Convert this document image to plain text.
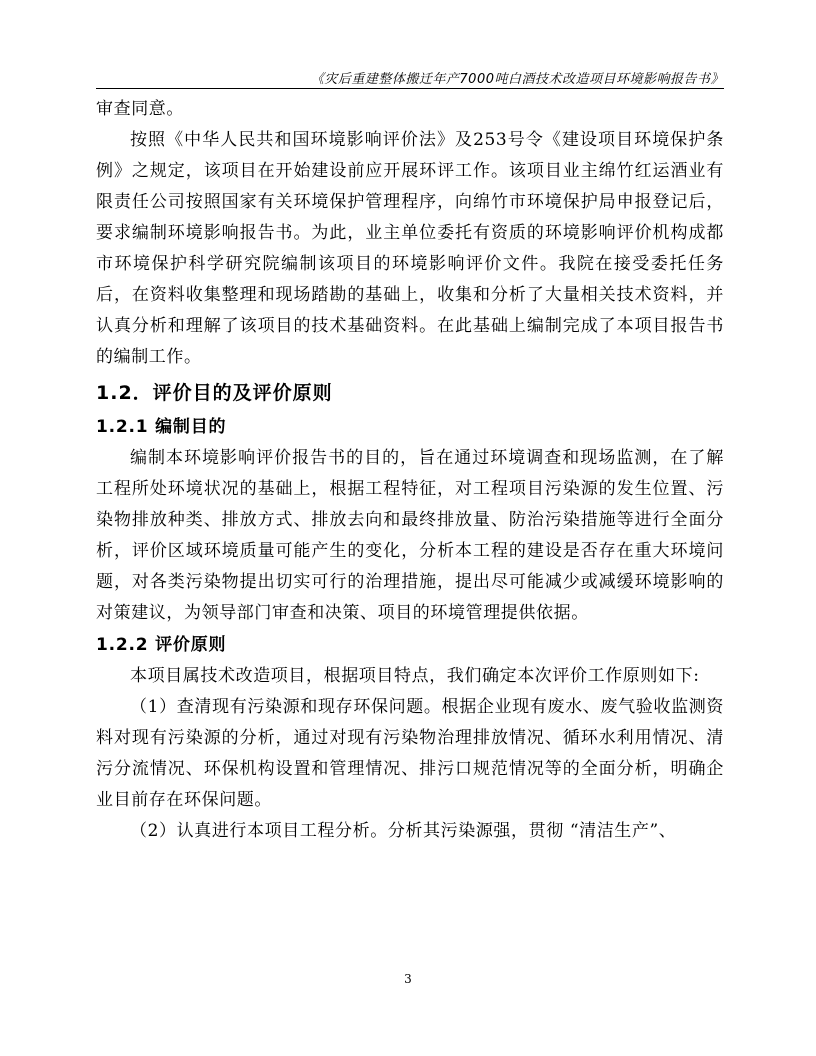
《灾后重建整体搬迁年产7000吨白酒技术改造项目环境影响报告书》

审查同意。

按照《中华人民共和国环境影响评价法》及253号令《建设项目环境保护条例》之规定，该项目在开始建设前应开展环评工作。该项目业主绵竹红运酒业有限责任公司按照国家有关环境保护管理程序，向绵竹市环境保护局申报登记后，要求编制环境影响报告书。为此，业主单位委托有资质的环境影响评价机构成都市环境保护科学研究院编制该项目的环境影响评价文件。我院在接受委托任务后，在资料收集整理和现场踏勘的基础上，收集和分析了大量相关技术资料，并认真分析和理解了该项目的技术基础资料。在此基础上编制完成了本项目报告书的编制工作。

1.2．评价目的及评价原则
1.2.1 编制目的

编制本环境影响评价报告书的目的，旨在通过环境调查和现场监测，在了解工程所处环境状况的基础上，根据工程特征，对工程项目污染源的发生位置、污染物排放种类、排放方式、排放去向和最终排放量、防治污染措施等进行全面分析，评价区域环境质量可能产生的变化，分析本工程的建设是否存在重大环境问题，对各类污染物提出切实可行的治理措施，提出尽可能减少或减缓环境影响的对策建议，为领导部门审查和决策、项目的环境管理提供依据。

1.2.2 评价原则

本项目属技术改造项目，根据项目特点，我们确定本次评价工作原则如下:

（1）查清现有污染源和现存环保问题。根据企业现有废水、废气验收监测资料对现有污染源的分析，通过对现有污染物治理排放情况、循环水利用情况、清污分流情况、环保机构设置和管理情况、排污口规范情况等的全面分析，明确企业目前存在环保问题。

（2）认真进行本项目工程分析。分析其污染源强，贯彻 “清洁生产”、

3
